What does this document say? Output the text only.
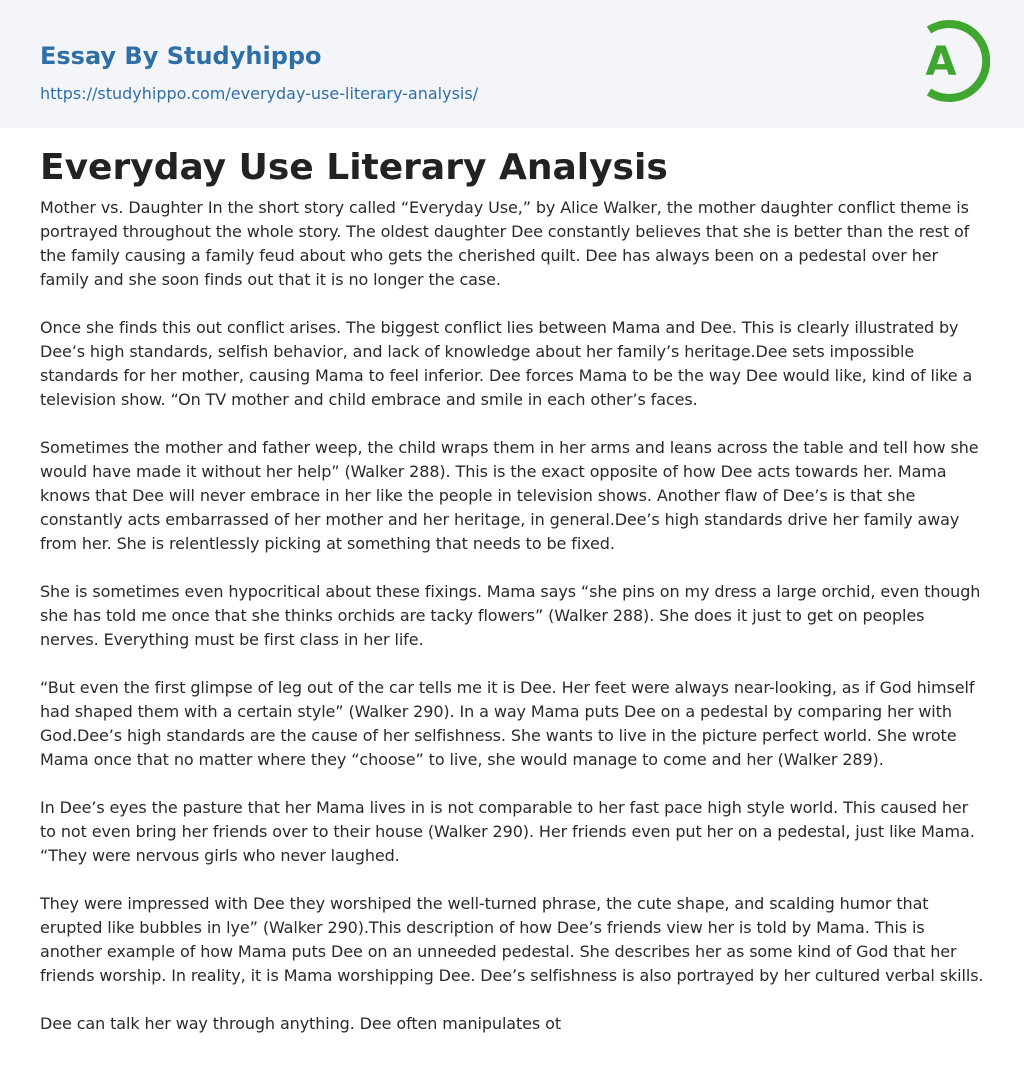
Essay By Studyhippo
https://studyhippo.com/everyday-use-literary-analysis/
A
Everyday Use Literary Analysis

Mother vs. Daughter In the short story called “Everyday Use,” by Alice Walker, the mother daughter conflict theme is portrayed throughout the whole story. The oldest daughter Dee constantly believes that she is better than the rest of the family causing a family feud about who gets the cherished quilt. Dee has always been on a pedestal over her family and she soon finds out that it is no longer the case.

Once she finds this out conflict arises. The biggest conflict lies between Mama and Dee. This is clearly illustrated by Dee’s high standards, selfish behavior, and lack of knowledge about her family’s heritage.Dee sets impossible standards for her mother, causing Mama to feel inferior. Dee forces Mama to be the way Dee would like, kind of like a television show. “On TV mother and child embrace and smile in each other’s faces.

Sometimes the mother and father weep, the child wraps them in her arms and leans across the table and tell how she would have made it without her help” (Walker 288). This is the exact opposite of how Dee acts towards her. Mama knows that Dee will never embrace in her like the people in television shows. Another flaw of Dee’s is that she constantly acts embarrassed of her mother and her heritage, in general.Dee’s high standards drive her family away from her. She is relentlessly picking at something that needs to be fixed.

She is sometimes even hypocritical about these fixings. Mama says “she pins on my dress a large orchid, even though she has told me once that she thinks orchids are tacky flowers” (Walker 288). She does it just to get on peoples nerves. Everything must be first class in her life.

“But even the first glimpse of leg out of the car tells me it is Dee. Her feet were always near-looking, as if God himself had shaped them with a certain style” (Walker 290). In a way Mama puts Dee on a pedestal by comparing her with God.Dee’s high standards are the cause of her selfishness. She wants to live in the picture perfect world. She wrote Mama once that no matter where they “choose” to live, she would manage to come and her (Walker 289).

In Dee’s eyes the pasture that her Mama lives in is not comparable to her fast pace high style world. This caused her to not even bring her friends over to their house (Walker 290). Her friends even put her on a pedestal, just like Mama. “They were nervous girls who never laughed.

They were impressed with Dee they worshiped the well-turned phrase, the cute shape, and scalding humor that erupted like bubbles in lye” (Walker 290).This description of how Dee’s friends view her is told by Mama. This is another example of how Mama puts Dee on an unneeded pedestal. She describes her as some kind of God that her friends worship. In reality, it is Mama worshipping Dee. Dee’s selfishness is also portrayed by her cultured verbal skills.

Dee can talk her way through anything. Dee often manipulates ot
